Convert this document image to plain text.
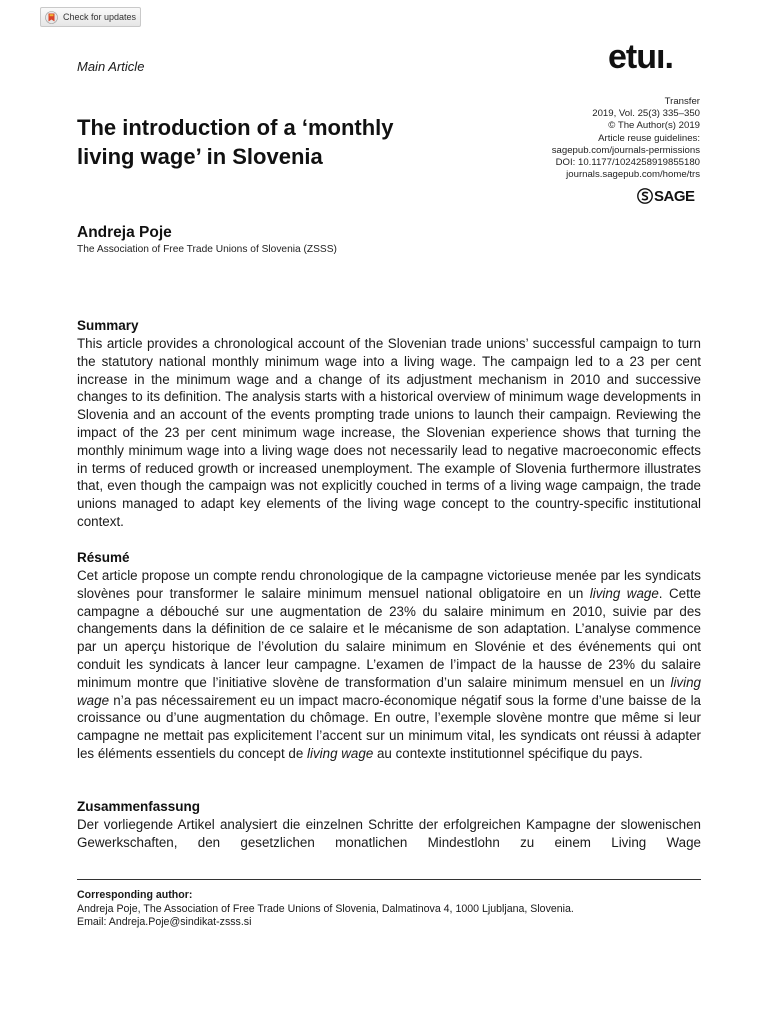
Check for updates
Main Article	etuı.
Transfer
2019, Vol. 25(3) 335–350
© The Author(s) 2019
Article reuse guidelines:
sagepub.com/journals-permissions
DOI: 10.1177/1024258919855180
journals.sagepub.com/home/trs
SAGE
The introduction of a ‘monthly
living wage’ in Slovenia
Andreja Poje
The Association of Free Trade Unions of Slovenia (ZSSS)
Summary

This article provides a chronological account of the Slovenian trade unions’ successful campaign to turn the statutory national monthly minimum wage into a living wage. The campaign led to a 23 per cent increase in the minimum wage and a change of its adjustment mechanism in 2010 and successive changes to its definition. The analysis starts with a historical overview of minimum wage developments in Slovenia and an account of the events prompting trade unions to launch their campaign. Reviewing the impact of the 23 per cent minimum wage increase, the Slovenian experience shows that turning the monthly minimum wage into a living wage does not necessarily lead to negative macroeconomic effects in terms of reduced growth or increased unemployment. The example of Slovenia furthermore illustrates that, even though the campaign was not explicitly couched in terms of a living wage campaign, the trade unions managed to adapt key elements of the living wage concept to the country-specific institutional context.

Résumé

Cet article propose un compte rendu chronologique de la campagne victorieuse menée par les syndicats slovènes pour transformer le salaire minimum mensuel national obligatoire en un living wage. Cette campagne a débouché sur une augmentation de 23% du salaire minimum en 2010, suivie par des changements dans la définition de ce salaire et le mécanisme de son adaptation. L’analyse commence par un aperçu historique de l’évolution du salaire minimum en Slovénie et des événements qui ont conduit les syndicats à lancer leur campagne. L’examen de l’impact de la hausse de 23% du salaire minimum montre que l’initiative slovène de transformation d’un salaire minimum mensuel en un living wage n’a pas nécessairement eu un impact macro-économique négatif sous la forme d’une baisse de la croissance ou d’une augmentation du chômage. En outre, l’exemple slovène montre que même si leur campagne ne mettait pas explicitement l’accent sur un minimum vital, les syndicats ont réussi à adapter les éléments essentiels du concept de living wage au contexte institutionnel spécifique du pays.

Zusammenfassung

Der vorliegende Artikel analysiert die einzelnen Schritte der erfolgreichen Kampagne der slowenischen Gewerkschaften, den gesetzlichen monatlichen Mindestlohn zu einem Living Wage

Corresponding author:
Andreja Poje, The Association of Free Trade Unions of Slovenia, Dalmatinova 4, 1000 Ljubljana, Slovenia.
Email: Andreja.Poje@sindikat-zsss.si
